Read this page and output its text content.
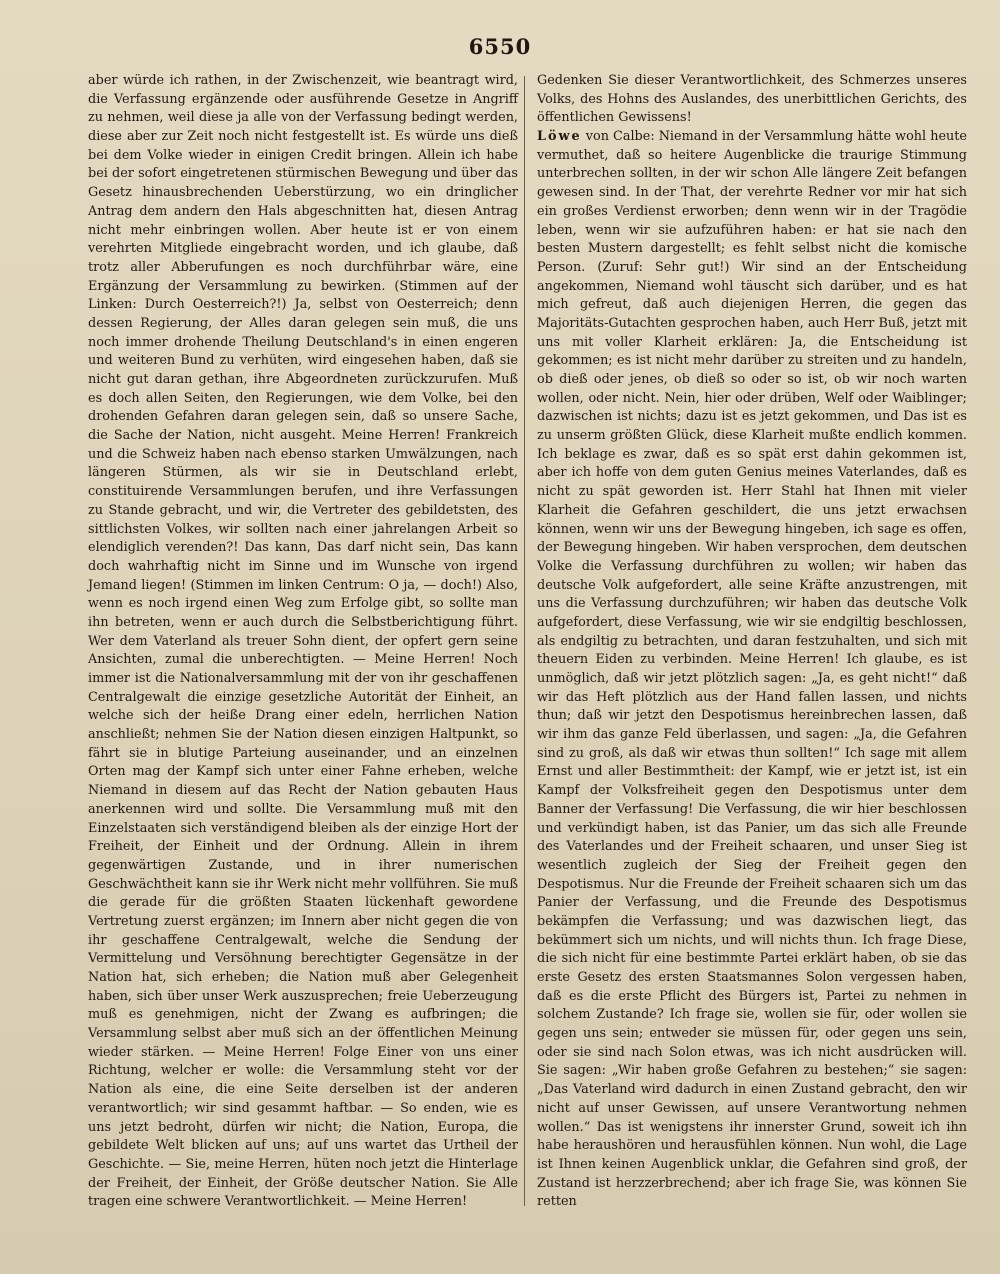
6550
aber würde ich rathen, in der Zwischenzeit, wie beantragt wird, die Verfassung ergänzende oder ausführende Gesetze in Angriff zu nehmen, weil diese ja alle von der Verfassung bedingt werden, diese aber zur Zeit noch nicht festgestellt ist. Es würde uns dieß bei dem Volke wieder in einigen Credit bringen. Allein ich habe bei der sofort eingetretenen stürmischen Bewegung und über das Gesetz hinausbrechenden Ueberstürzung, wo ein dringlicher Antrag dem andern den Hals abgeschnitten hat, diesen Antrag nicht mehr einbringen wollen. Aber heute ist er von einem verehrten Mitgliede eingebracht worden, und ich glaube, daß trotz aller Abberufungen es noch durchführbar wäre, eine Ergänzung der Versammlung zu bewirken. (Stimmen auf der Linken: Durch Oesterreich?!) Ja, selbst von Oesterreich; denn dessen Regierung, der Alles daran gelegen sein muß, die uns noch immer drohende Theilung Deutschland's in einen engeren und weiteren Bund zu verhüten, wird eingesehen haben, daß sie nicht gut daran gethan, ihre Abgeordneten zurückzurufen. Muß es doch allen Seiten, den Regierungen, wie dem Volke, bei den drohenden Gefahren daran gelegen sein, daß so unsere Sache, die Sache der Nation, nicht ausgeht. Meine Herren! Frankreich und die Schweiz haben nach ebenso starken Umwälzungen, nach längeren Stürmen, als wir sie in Deutschland erlebt, constituirende Versammlungen berufen, und ihre Verfassungen zu Stande gebracht, und wir, die Vertreter des gebildetsten, des sittlichsten Volkes, wir sollten nach einer jahrelangen Arbeit so elendiglich verenden?! Das kann, Das darf nicht sein, Das kann doch wahrhaftig nicht im Sinne und im Wunsche von irgend Jemand liegen! (Stimmen im linken Centrum: O ja, — doch!) Also, wenn es noch irgend einen Weg zum Erfolge gibt, so sollte man ihn betreten, wenn er auch durch die Selbstberichtigung führt. Wer dem Vaterland als treuer Sohn dient, der opfert gern seine Ansichten, zumal die unberechtigten. — Meine Herren! Noch immer ist die Nationalversammlung mit der von ihr geschaffenen Centralgewalt die einzige gesetzliche Autorität der Einheit, an welche sich der heiße Drang einer edeln, herrlichen Nation anschließt; nehmen Sie der Nation diesen einzigen Haltpunkt, so fährt sie in blutige Parteiung auseinander, und an einzelnen Orten mag der Kampf sich unter einer Fahne erheben, welche Niemand in diesem auf das Recht der Nation gebauten Haus anerkennen wird und sollte. Die Versammlung muß mit den Einzelstaaten sich verständigend bleiben als der einzige Hort der Freiheit, der Einheit und der Ordnung. Allein in ihrem gegenwärtigen Zustande, und in ihrer numerischen Geschwächtheit kann sie ihr Werk nicht mehr vollführen. Sie muß die gerade für die größten Staaten lückenhaft gewordene Vertretung zuerst ergänzen; im Innern aber nicht gegen die von ihr geschaffene Centralgewalt, welche die Sendung der Vermittelung und Versöhnung berechtigter Gegensätze in der Nation hat, sich erheben; die Nation muß aber Gelegenheit haben, sich über unser Werk auszusprechen; freie Ueberzeugung muß es genehmigen, nicht der Zwang es aufbringen; die Versammlung selbst aber muß sich an der öffentlichen Meinung wieder stärken. — Meine Herren! Folge Einer von uns einer Richtung, welcher er wolle: die Versammlung steht vor der Nation als eine, die eine Seite derselben ist der anderen verantwortlich; wir sind gesammt haftbar. — So enden, wie es uns jetzt bedroht, dürfen wir nicht; die Nation, Europa, die gebildete Welt blicken auf uns; auf uns wartet das Urtheil der Geschichte. — Sie, meine Herren, hüten noch jetzt die Hinterlage der Freiheit, der Einheit, der Größe deutscher Nation. Sie Alle tragen eine schwere Verantwortlichkeit. — Meine Herren!
Gedenken Sie dieser Verantwortlichkeit, des Schmerzes unseres Volks, des Hohns des Auslandes, des unerbittlichen Gerichts, des öffentlichen Gewissens!
Löwe von Calbe: Niemand in der Versammlung hätte wohl heute vermuthet, daß so heitere Augenblicke die traurige Stimmung unterbrechen sollten, in der wir schon Alle längere Zeit befangen gewesen sind. In der That, der verehrte Redner vor mir hat sich ein großes Verdienst erworben; denn wenn wir in der Tragödie leben, wenn wir sie aufzuführen haben: er hat sie nach den besten Mustern dargestellt; es fehlt selbst nicht die komische Person. (Zuruf: Sehr gut!) Wir sind an der Entscheidung angekommen, Niemand wohl täuscht sich darüber, und es hat mich gefreut, daß auch diejenigen Herren, die gegen das Majoritäts-Gutachten gesprochen haben, auch Herr Buß, jetzt mit uns mit voller Klarheit erklären: Ja, die Entscheidung ist gekommen; es ist nicht mehr darüber zu streiten und zu handeln, ob dieß oder jenes, ob dieß so oder so ist, ob wir noch warten wollen, oder nicht. Nein, hier oder drüben, Welf oder Waiblinger; dazwischen ist nichts; dazu ist es jetzt gekommen, und Das ist es zu unserm größten Glück, diese Klarheit mußte endlich kommen. Ich beklage es zwar, daß es so spät erst dahin gekommen ist, aber ich hoffe von dem guten Genius meines Vaterlandes, daß es nicht zu spät geworden ist. Herr Stahl hat Ihnen mit vieler Klarheit die Gefahren geschildert, die uns jetzt erwachsen können, wenn wir uns der Bewegung hingeben, ich sage es offen, der Bewegung hingeben. Wir haben versprochen, dem deutschen Volke die Verfassung durchführen zu wollen; wir haben das deutsche Volk aufgefordert, alle seine Kräfte anzustrengen, mit uns die Verfassung durchzuführen; wir haben das deutsche Volk aufgefordert, diese Verfassung, wie wir sie endgiltig beschlossen, als endgiltig zu betrachten, und daran festzuhalten, und sich mit theuern Eiden zu verbinden. Meine Herren! Ich glaube, es ist unmöglich, daß wir jetzt plötzlich sagen: „Ja, es geht nicht!“ daß wir das Heft plötzlich aus der Hand fallen lassen, und nichts thun; daß wir jetzt den Despotismus hereinbrechen lassen, daß wir ihm das ganze Feld überlassen, und sagen: „Ja, die Gefahren sind zu groß, als daß wir etwas thun sollten!“ Ich sage mit allem Ernst und aller Bestimmtheit: der Kampf, wie er jetzt ist, ist ein Kampf der Volksfreiheit gegen den Despotismus unter dem Banner der Verfassung! Die Verfassung, die wir hier beschlossen und verkündigt haben, ist das Panier, um das sich alle Freunde des Vaterlandes und der Freiheit schaaren, und unser Sieg ist wesentlich zugleich der Sieg der Freiheit gegen den Despotismus. Nur die Freunde der Freiheit schaaren sich um das Panier der Verfassung, und die Freunde des Despotismus bekämpfen die Verfassung; und was dazwischen liegt, das bekümmert sich um nichts, und will nichts thun. Ich frage Diese, die sich nicht für eine bestimmte Partei erklärt haben, ob sie das erste Gesetz des ersten Staatsmannes Solon vergessen haben, daß es die erste Pflicht des Bürgers ist, Partei zu nehmen in solchem Zustande? Ich frage sie, wollen sie für, oder wollen sie gegen uns sein; entweder sie müssen für, oder gegen uns sein, oder sie sind nach Solon etwas, was ich nicht ausdrücken will. Sie sagen: „Wir haben große Gefahren zu bestehen;“ sie sagen: „Das Vaterland wird dadurch in einen Zustand gebracht, den wir nicht auf unser Gewissen, auf unsere Verantwortung nehmen wollen.“ Das ist wenigstens ihr innerster Grund, soweit ich ihn habe heraushören und herausfühlen können. Nun wohl, die Lage ist Ihnen keinen Augenblick unklar, die Gefahren sind groß, der Zustand ist herzzerbrechend; aber ich frage Sie, was können Sie retten
